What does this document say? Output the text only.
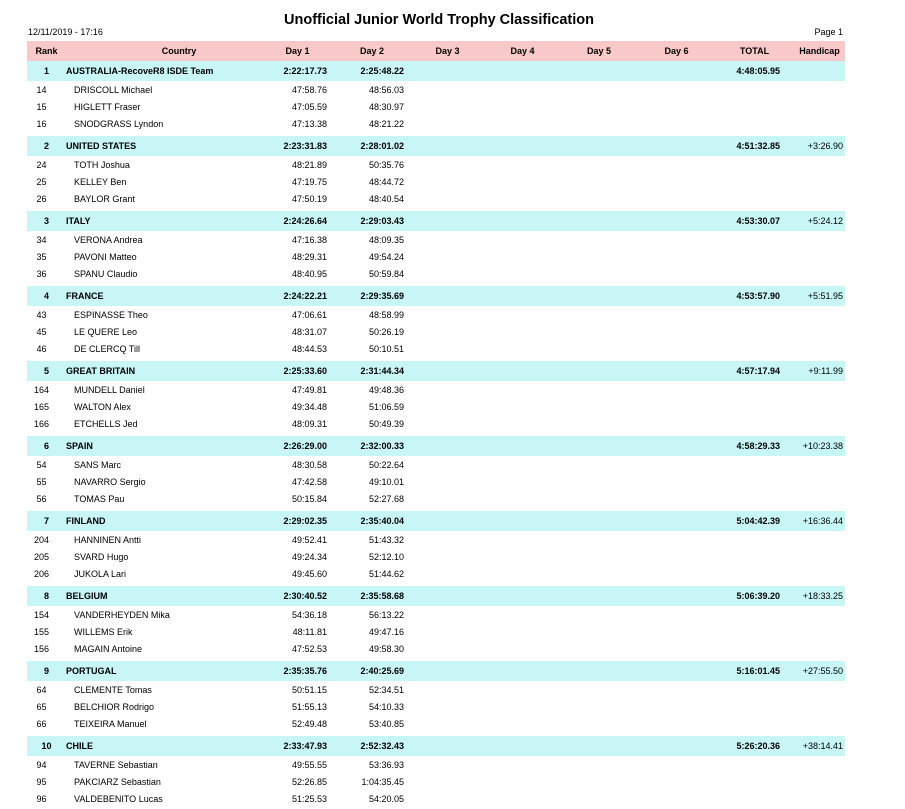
Unofficial Junior World Trophy Classification
12/11/2019 - 17:16	Page 1
Rank	Country	Day 1	Day 2	Day 3	Day 4	Day 5	Day 6	TOTAL	Handicap
1	AUSTRALIA-RecoveR8 ISDE Team	2:22:17.73	2:25:48.22					4:48:05.95	
14	DRISCOLL Michael	47:58.76	48:56.03						
15	HIGLETT Fraser	47:05.59	48:30.97						
16	SNODGRASS Lyndon	47:13.38	48:21.22						

2	UNITED STATES	2:23:31.83	2:28:01.02					4:51:32.85	+3:26.90
24	TOTH Joshua	48:21.89	50:35.76						
25	KELLEY Ben	47:19.75	48:44.72						
26	BAYLOR Grant	47:50.19	48:40.54						

3	ITALY	2:24:26.64	2:29:03.43					4:53:30.07	+5:24.12
34	VERONA Andrea	47:16.38	48:09.35						
35	PAVONI Matteo	48:29.31	49:54.24						
36	SPANU Claudio	48:40.95	50:59.84						

4	FRANCE	2:24:22.21	2:29:35.69					4:53:57.90	+5:51.95
43	ESPINASSE Theo	47:06.61	48:58.99						
45	LE QUERE Leo	48:31.07	50:26.19						
46	DE CLERCQ Till	48:44.53	50:10.51						

5	GREAT BRITAIN	2:25:33.60	2:31:44.34					4:57:17.94	+9:11.99
164	MUNDELL Daniel	47:49.81	49:48.36						
165	WALTON Alex	49:34.48	51:06.59						
166	ETCHELLS Jed	48:09.31	50:49.39						

6	SPAIN	2:26:29.00	2:32:00.33					4:58:29.33	+10:23.38
54	SANS Marc	48:30.58	50:22.64						
55	NAVARRO Sergio	47:42.58	49:10.01						
56	TOMAS Pau	50:15.84	52:27.68						

7	FINLAND	2:29:02.35	2:35:40.04					5:04:42.39	+16:36.44
204	HANNINEN Antti	49:52.41	51:43.32						
205	SVARD Hugo	49:24.34	52:12.10						
206	JUKOLA Lari	49:45.60	51:44.62						

8	BELGIUM	2:30:40.52	2:35:58.68					5:06:39.20	+18:33.25
154	VANDERHEYDEN Mika	54:36.18	56:13.22						
155	WILLEMS Erik	48:11.81	49:47.16						
156	MAGAIN Antoine	47:52.53	49:58.30						

9	PORTUGAL	2:35:35.76	2:40:25.69					5:16:01.45	+27:55.50
64	CLEMENTE Tomas	50:51.15	52:34.51						
65	BELCHIOR Rodrigo	51:55.13	54:10.33						
66	TEIXEIRA Manuel	52:49.48	53:40.85						

10	CHILE	2:33:47.93	2:52:32.43					5:26:20.36	+38:14.41
94	TAVERNE Sebastian	49:55.55	53:36.93						
95	PAKCIARZ Sebastian	52:26.85	1:04:35.45						
96	VALDEBENITO Lucas	51:25.53	54:20.05						
